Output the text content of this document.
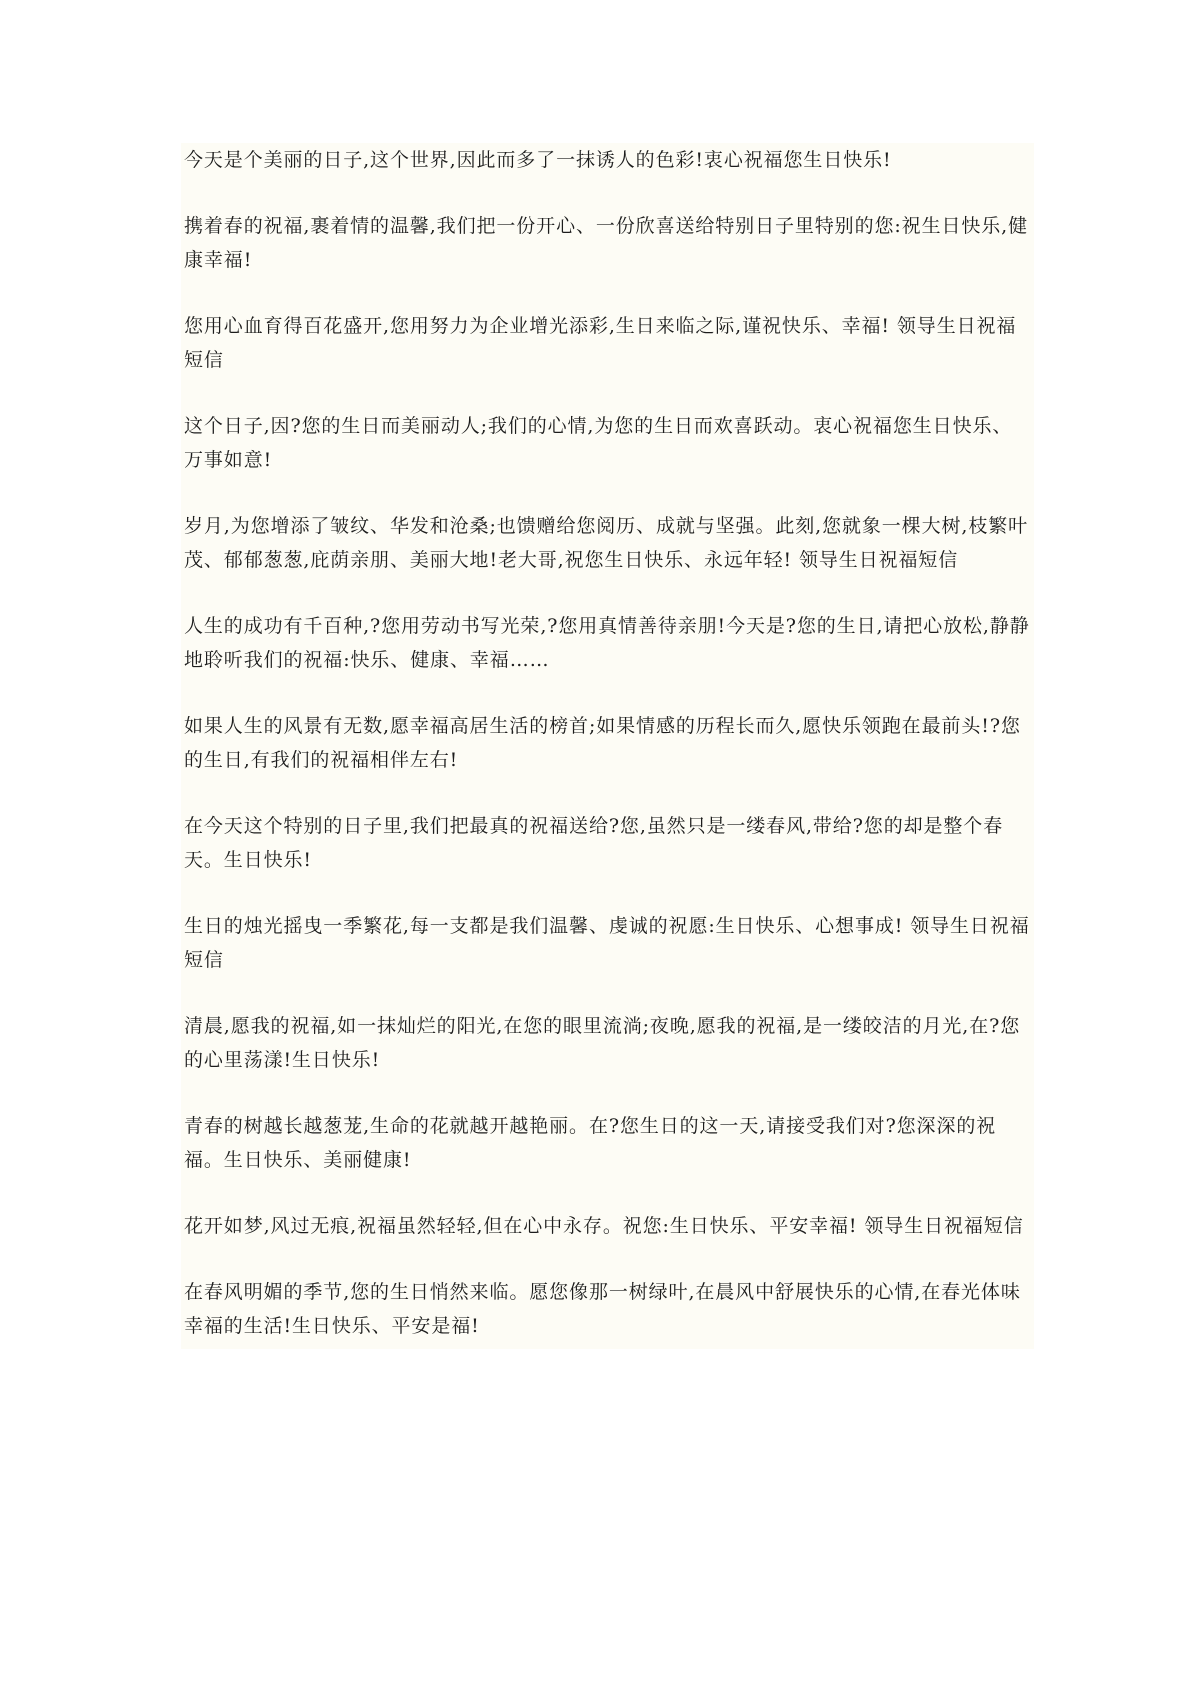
今天是个美丽的日子,这个世界,因此而多了一抹诱人的色彩!衷心祝福您生日快乐!

携着春的祝福,裹着情的温馨,我们把一份开心、一份欣喜送给特别日子里特别的您:祝生日快乐,健康幸福!

您用心血育得百花盛开,您用努力为企业增光添彩,生日来临之际,谨祝快乐、幸福! 领导生日祝福短信

这个日子,因?您的生日而美丽动人;我们的心情,为您的生日而欢喜跃动。衷心祝福您生日快乐、万事如意!

岁月,为您增添了皱纹、华发和沧桑;也馈赠给您阅历、成就与坚强。此刻,您就象一棵大树,枝繁叶茂、郁郁葱葱,庇荫亲朋、美丽大地!老大哥,祝您生日快乐、永远年轻! 领导生日祝福短信

人生的成功有千百种,?您用劳动书写光荣,?您用真情善待亲朋!今天是?您的生日,请把心放松,静静地聆听我们的祝福:快乐、健康、幸福……

如果人生的风景有无数,愿幸福高居生活的榜首;如果情感的历程长而久,愿快乐领跑在最前头!?您的生日,有我们的祝福相伴左右!

在今天这个特别的日子里,我们把最真的祝福送给?您,虽然只是一缕春风,带给?您的却是整个春天。生日快乐!

生日的烛光摇曳一季繁花,每一支都是我们温馨、虔诚的祝愿:生日快乐、心想事成! 领导生日祝福短信

清晨,愿我的祝福,如一抹灿烂的阳光,在您的眼里流淌;夜晚,愿我的祝福,是一缕皎洁的月光,在?您的心里荡漾!生日快乐!

青春的树越长越葱茏,生命的花就越开越艳丽。在?您生日的这一天,请接受我们对?您深深的祝福。生日快乐、美丽健康!

花开如梦,风过无痕,祝福虽然轻轻,但在心中永存。祝您:生日快乐、平安幸福! 领导生日祝福短信

在春风明媚的季节,您的生日悄然来临。愿您像那一树绿叶,在晨风中舒展快乐的心情,在春光体味幸福的生活!生日快乐、平安是福!
